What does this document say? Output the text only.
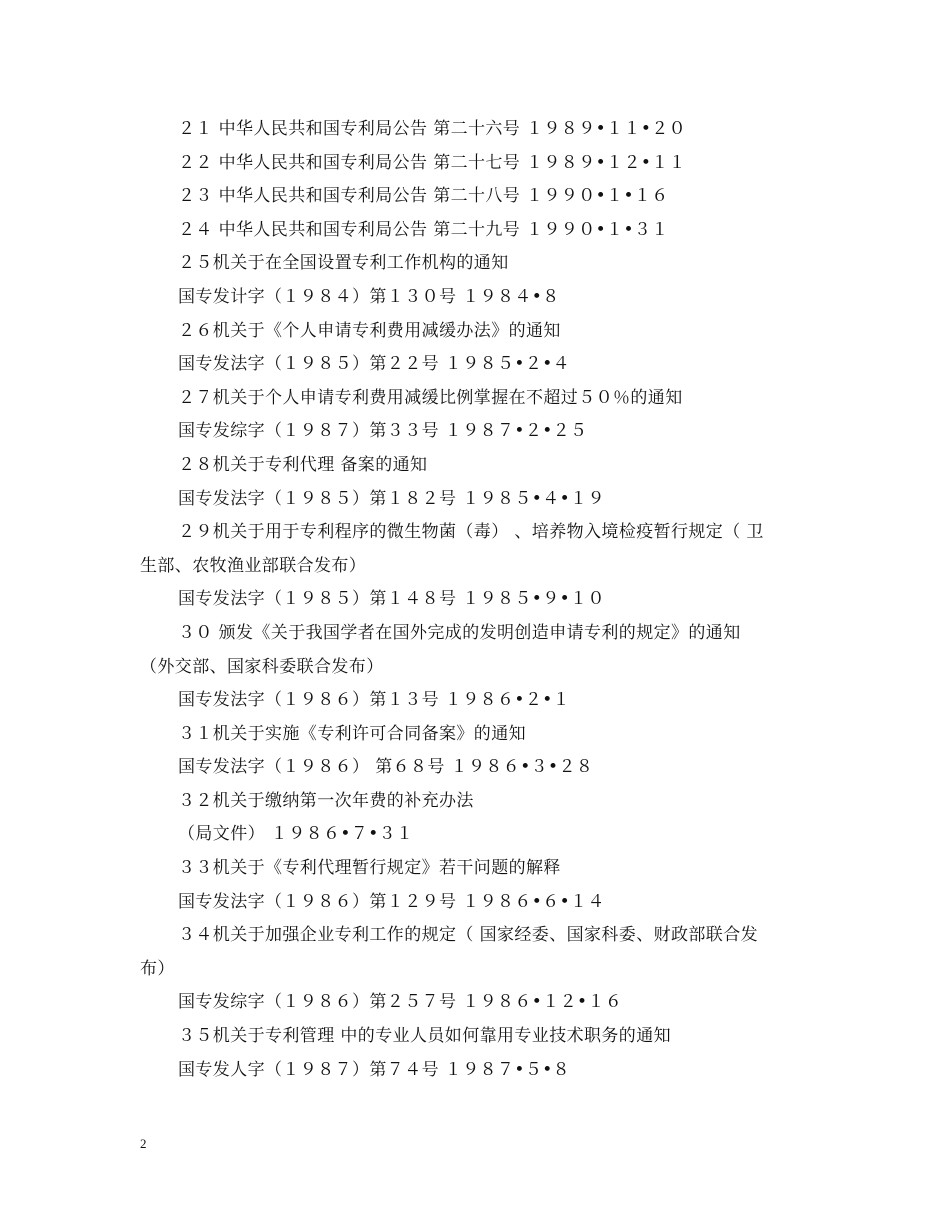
２１ 中华人民共和国专利局公告 第二十六号 １９８９•１１•２０
２２ 中华人民共和国专利局公告 第二十七号 １９８９•１２•１１
２３ 中华人民共和国专利局公告 第二十八号 １９９０•１•１６
２４ 中华人民共和国专利局公告 第二十九号 １９９０•１•３１
２５机关于在全国设置专利工作机构的通知
国专发计字（１９８４）第１３０号 １９８４•８
２６机关于《个人申请专利费用减缓办法》的通知
国专发法字（１９８５）第２２号 １９８５•２•４
２７机关于个人申请专利费用减缓比例掌握在不超过５０％的通知
国专发综字（１９８７）第３３号 １９８７•２•２５
２８机关于专利代理 备案的通知
国专发法字（１９８５）第１８２号 １９８５•４•１９
２９机关于用于专利程序的微生物菌（毒） 、培养物入境检疫暂行规定（ 卫
生部、农牧渔业部联合发布）
国专发法字（１９８５）第１４８号 １９８５•９•１０
３０ 颁发《关于我国学者在国外完成的发明创造申请专利的规定》的通知
（外交部、国家科委联合发布）
国专发法字（１９８６）第１３号 １９８６•２•１
３１机关于实施《专利许可合同备案》的通知
国专发法字（１９８６） 第６８号 １９８６•３•２８
３２机关于缴纳第一次年费的补充办法
（局文件） １９８６•７•３１
３３机关于《专利代理暂行规定》若干问题的解释
国专发法字（１９８６）第１２９号 １９８６•６•１４
３４机关于加强企业专利工作的规定（ 国家经委、国家科委、财政部联合发
布）
国专发综字（１９８６）第２５７号 １９８６•１２•１６
３５机关于专利管理 中的专业人员如何靠用专业技术职务的通知
国专发人字（１９８７）第７４号 １９８７•５•８
2
